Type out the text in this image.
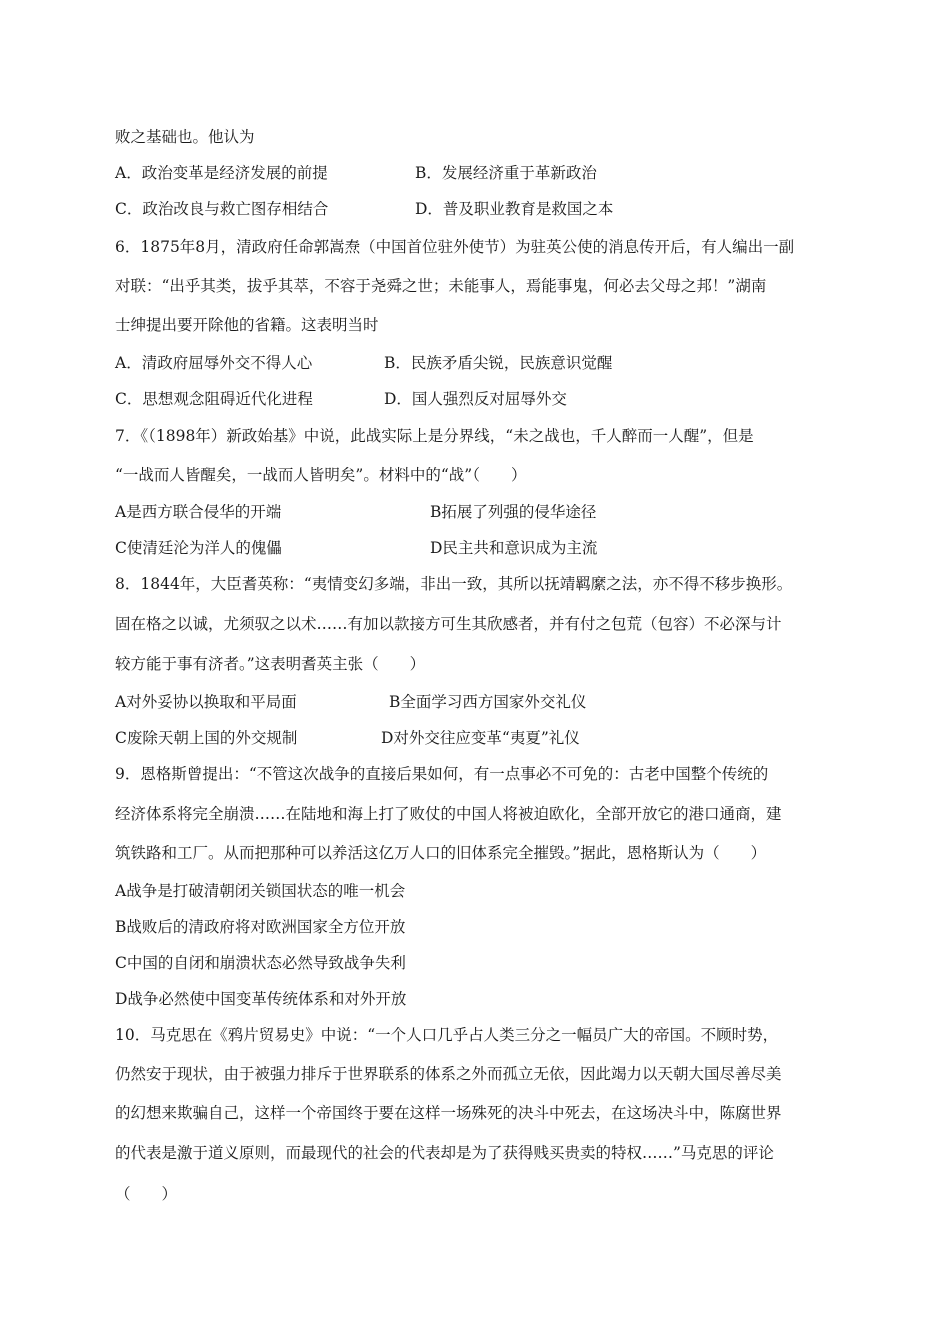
败之基础也。他认为
A．政治变革是经济发展的前提	B．发展经济重于革新政治
C．政治改良与救亡图存相结合	D．普及职业教育是救国之本
6．1875年8月，清政府任命郭嵩焘（中国首位驻外使节）为驻英公使的消息传开后，有人编出一副
对联：“出乎其类，拔乎其萃，不容于尧舜之世；未能事人，焉能事鬼，何必去父母之邦！”湖南
士绅提出要开除他的省籍。这表明当时
A．清政府屈辱外交不得人心	B．民族矛盾尖锐，民族意识觉醒
C．思想观念阻碍近代化进程	D．国人强烈反对屈辱外交
7．《（1898年）新政始基》中说，此战实际上是分界线，“未之战也，千人醉而一人醒”，但是
“一战而人皆醒矣，一战而人皆明矣”。材料中的“战”（　　）
A是西方联合侵华的开端	B拓展了列强的侵华途径
C使清廷沦为洋人的傀儡	D民主共和意识成为主流
8．1844年，大臣耆英称：“夷情变幻多端，非出一致，其所以抚靖羁縻之法，亦不得不移步换形。
固在格之以诚，尤须驭之以术……有加以款接方可生其欣感者，并有付之包荒（包容）不必深与计
较方能于事有济者。”这表明耆英主张（　　）
A对外妥协以换取和平局面	B全面学习西方国家外交礼仪
C废除天朝上国的外交规制	D对外交往应变革“夷夏”礼仪
9．恩格斯曾提出：“不管这次战争的直接后果如何，有一点事必不可免的：古老中国整个传统的
经济体系将完全崩溃……在陆地和海上打了败仗的中国人将被迫欧化，全部开放它的港口通商，建
筑铁路和工厂。从而把那种可以养活这亿万人口的旧体系完全摧毁。”据此，恩格斯认为（　　）
A战争是打破清朝闭关锁国状态的唯一机会
B战败后的清政府将对欧洲国家全方位开放
C中国的自闭和崩溃状态必然导致战争失利
D战争必然使中国变革传统体系和对外开放
10．马克思在《鸦片贸易史》中说：“一个人口几乎占人类三分之一幅员广大的帝国。不顾时势，
仍然安于现状，由于被强力排斥于世界联系的体系之外而孤立无依，因此竭力以天朝大国尽善尽美
的幻想来欺骗自己，这样一个帝国终于要在这样一场殊死的决斗中死去，在这场决斗中，陈腐世界
的代表是激于道义原则，而最现代的社会的代表却是为了获得贱买贵卖的特权……”马克思的评论
（　　）
